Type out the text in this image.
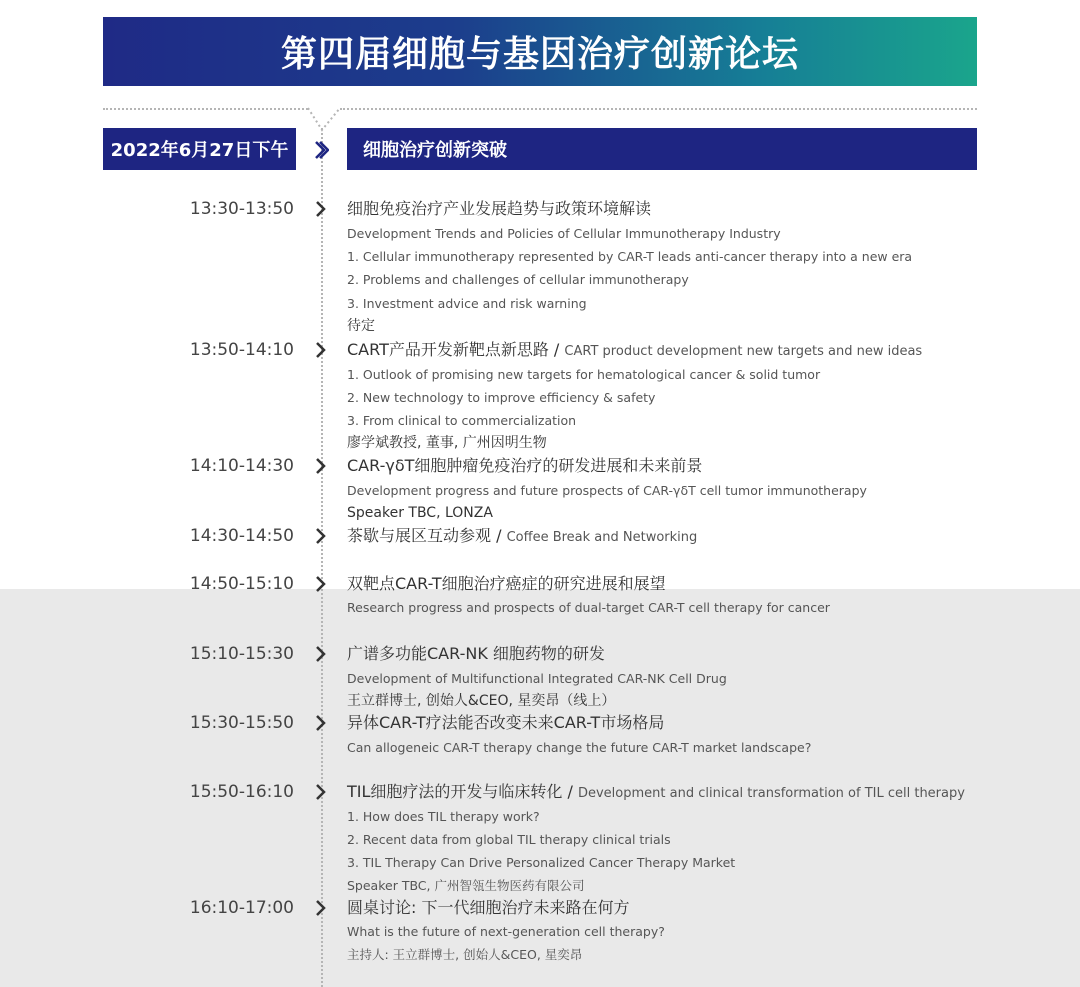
第四届细胞与基因治疗创新论坛
2022年6月27日下午	细胞治疗创新突破
13:30-13:50	细胞免疫治疗产业发展趋势与政策环境解读
Development Trends and Policies of Cellular Immunotherapy Industry
1. Cellular immunotherapy represented by CAR-T leads anti-cancer therapy into a new era
2. Problems and challenges of cellular immunotherapy
3. Investment advice and risk warning
待定
13:50-14:10	CART产品开发新靶点新思路 / CART product development new targets and new ideas
1. Outlook of promising new targets for hematological cancer & solid tumor
2. New technology to improve efficiency & safety
3. From clinical to commercialization
廖学斌教授, 董事, 广州因明生物
14:10-14:30	CAR-γδT细胞肿瘤免疫治疗的研发进展和未来前景
Development progress and future prospects of CAR-γδT cell tumor immunotherapy
Speaker TBC, LONZA
14:30-14:50	茶歇与展区互动参观 / Coffee Break and Networking
14:50-15:10	双靶点CAR-T细胞治疗癌症的研究进展和展望
Research progress and prospects of dual-target CAR-T cell therapy for cancer
15:10-15:30	广谱多功能CAR-NK 细胞药物的研发
Development of Multifunctional Integrated CAR-NK Cell Drug
王立群博士, 创始人&CEO, 星奕昂（线上）
15:30-15:50	异体CAR-T疗法能否改变未来CAR-T市场格局
Can allogeneic CAR-T therapy change the future CAR-T market landscape?
15:50-16:10	TIL细胞疗法的开发与临床转化 / Development and clinical transformation of TIL cell therapy
1. How does TIL therapy work?
2. Recent data from global TIL therapy clinical trials
3. TIL Therapy Can Drive Personalized Cancer Therapy Market
Speaker TBC, 广州智瓴生物医药有限公司
16:10-17:00	圆桌讨论: 下一代细胞治疗未来路在何方
What is the future of next-generation cell therapy?
主持人: 王立群博士, 创始人&CEO, 星奕昂
